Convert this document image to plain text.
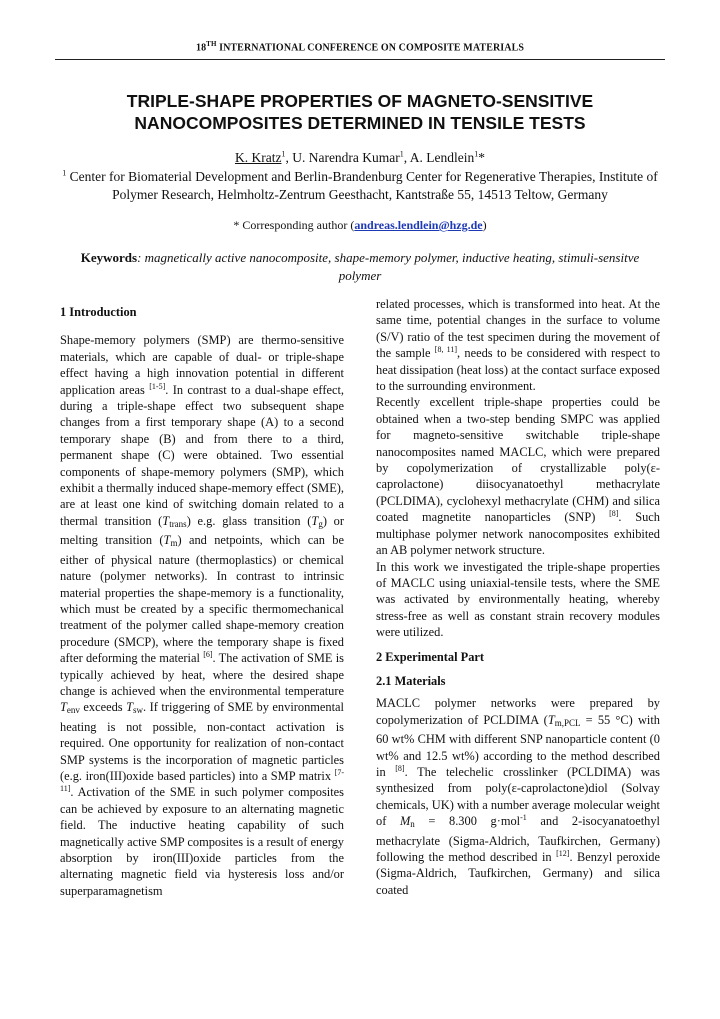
18TH INTERNATIONAL CONFERENCE ON COMPOSITE MATERIALS
TRIPLE-SHAPE PROPERTIES OF MAGNETO-SENSITIVE
NANOCOMPOSITES DETERMINED IN TENSILE TESTS
K. Kratz$^1$, U. Narendra Kumar$^1$, A. Lendlein$^1$*
$^1$ Center for Biomaterial Development and Berlin-Brandenburg Center for Regenerative Therapies, Institute of Polymer Research, Helmholtz-Zentrum Geesthacht, Kantstraße 55, 14513 Teltow, Germany
* Corresponding author (andreas.lendlein@hzg.de)
Keywords: magnetically active nanocomposite, shape-memory polymer, inductive heating, stimuli-sensitve polymer

1 Introduction

Shape-memory polymers (SMP) are thermo-sensitive materials, which are capable of dual- or triple-shape effect having a high innovation potential in different application areas [1-5]. In contrast to a dual-shape effect, during a triple-shape effect two subsequent shape changes from a first temporary shape (A) to a second temporary shape (B) and from there to a third, permanent shape (C) were obtained. Two essential components of shape-memory polymers (SMP), which exhibit a thermally induced shape-memory effect (SME), are at least one kind of switching domain related to a thermal transition $(T_{trans})$ e.g. glass transition $(T_g)$ or melting transition $(T_m)$ and netpoints, which can be either of physical nature (thermoplastics) or chemical nature (polymer networks). In contrast to intrinsic material properties the shape-memory is a functionality, which must be created by a specific thermomechanical treatment of the polymer called shape-memory creation procedure (SMCP), where the temporary shape is fixed after deforming the material [6]. The activation of SME is typically achieved by heat, where the desired shape change is achieved when the environmental temperature $T_{env}$ exceeds $T_{sw}$. If triggering of SME by environmental heating is not possible, non-contact activation is required. One opportunity for realization of non-contact SMP systems is the incorporation of magnetic particles (e.g. iron(III)oxide based particles) into a SMP matrix [7-11]. Activation of the SME in such polymer composites can be achieved by exposure to an alternating magnetic field. The inductive heating capability of such magnetically active SMP composites is a result of energy absorption by iron(III)oxide particles from the alternating magnetic field via hysteresis loss and/or superparamagnetism

related processes, which is transformed into heat. At the same time, potential changes in the surface to volume (S/V) ratio of the test specimen during the movement of the sample [8, 11], needs to be considered with respect to heat dissipation (heat loss) at the contact surface exposed to the surrounding environment.

Recently excellent triple-shape properties could be obtained when a two-step bending SMPC was applied for magneto-sensitive switchable triple-shape nanocomposites named MACLC, which were prepared by copolymerization of crystallizable poly(ε-caprolactone) diisocyanatoethyl methacrylate (PCLDIMA), cyclohexyl methacrylate (CHM) and silica coated magnetite nanoparticles (SNP) [8]. Such multiphase polymer network nanocomposites exhibited an AB polymer network structure.

In this work we investigated the triple-shape properties of MACLC using uniaxial-tensile tests, where the SME was activated by environmentally heating, whereby stress-free as well as constant strain recovery modules were utilized.

2 Experimental Part

2.1 Materials

MACLC polymer networks were prepared by copolymerization of PCLDIMA ($T_{m,PCL} = 55$ °C) with 60 wt% CHM with different SNP nanoparticle content (0 wt% and 12.5 wt%) according to the method described in [8]. The telechelic crosslinker (PCLDIMA) was synthesized from poly(ε-caprolactone)diol (Solvay chemicals, UK) with a number average molecular weight of $M_n = 8.300$ g·mol$^{-1}$ and 2-isocyanatoethyl methacrylate (Sigma-Aldrich, Taufkirchen, Germany) following the method described in [12]. Benzyl peroxide (Sigma-Aldrich, Taufkirchen, Germany) and silica coated
